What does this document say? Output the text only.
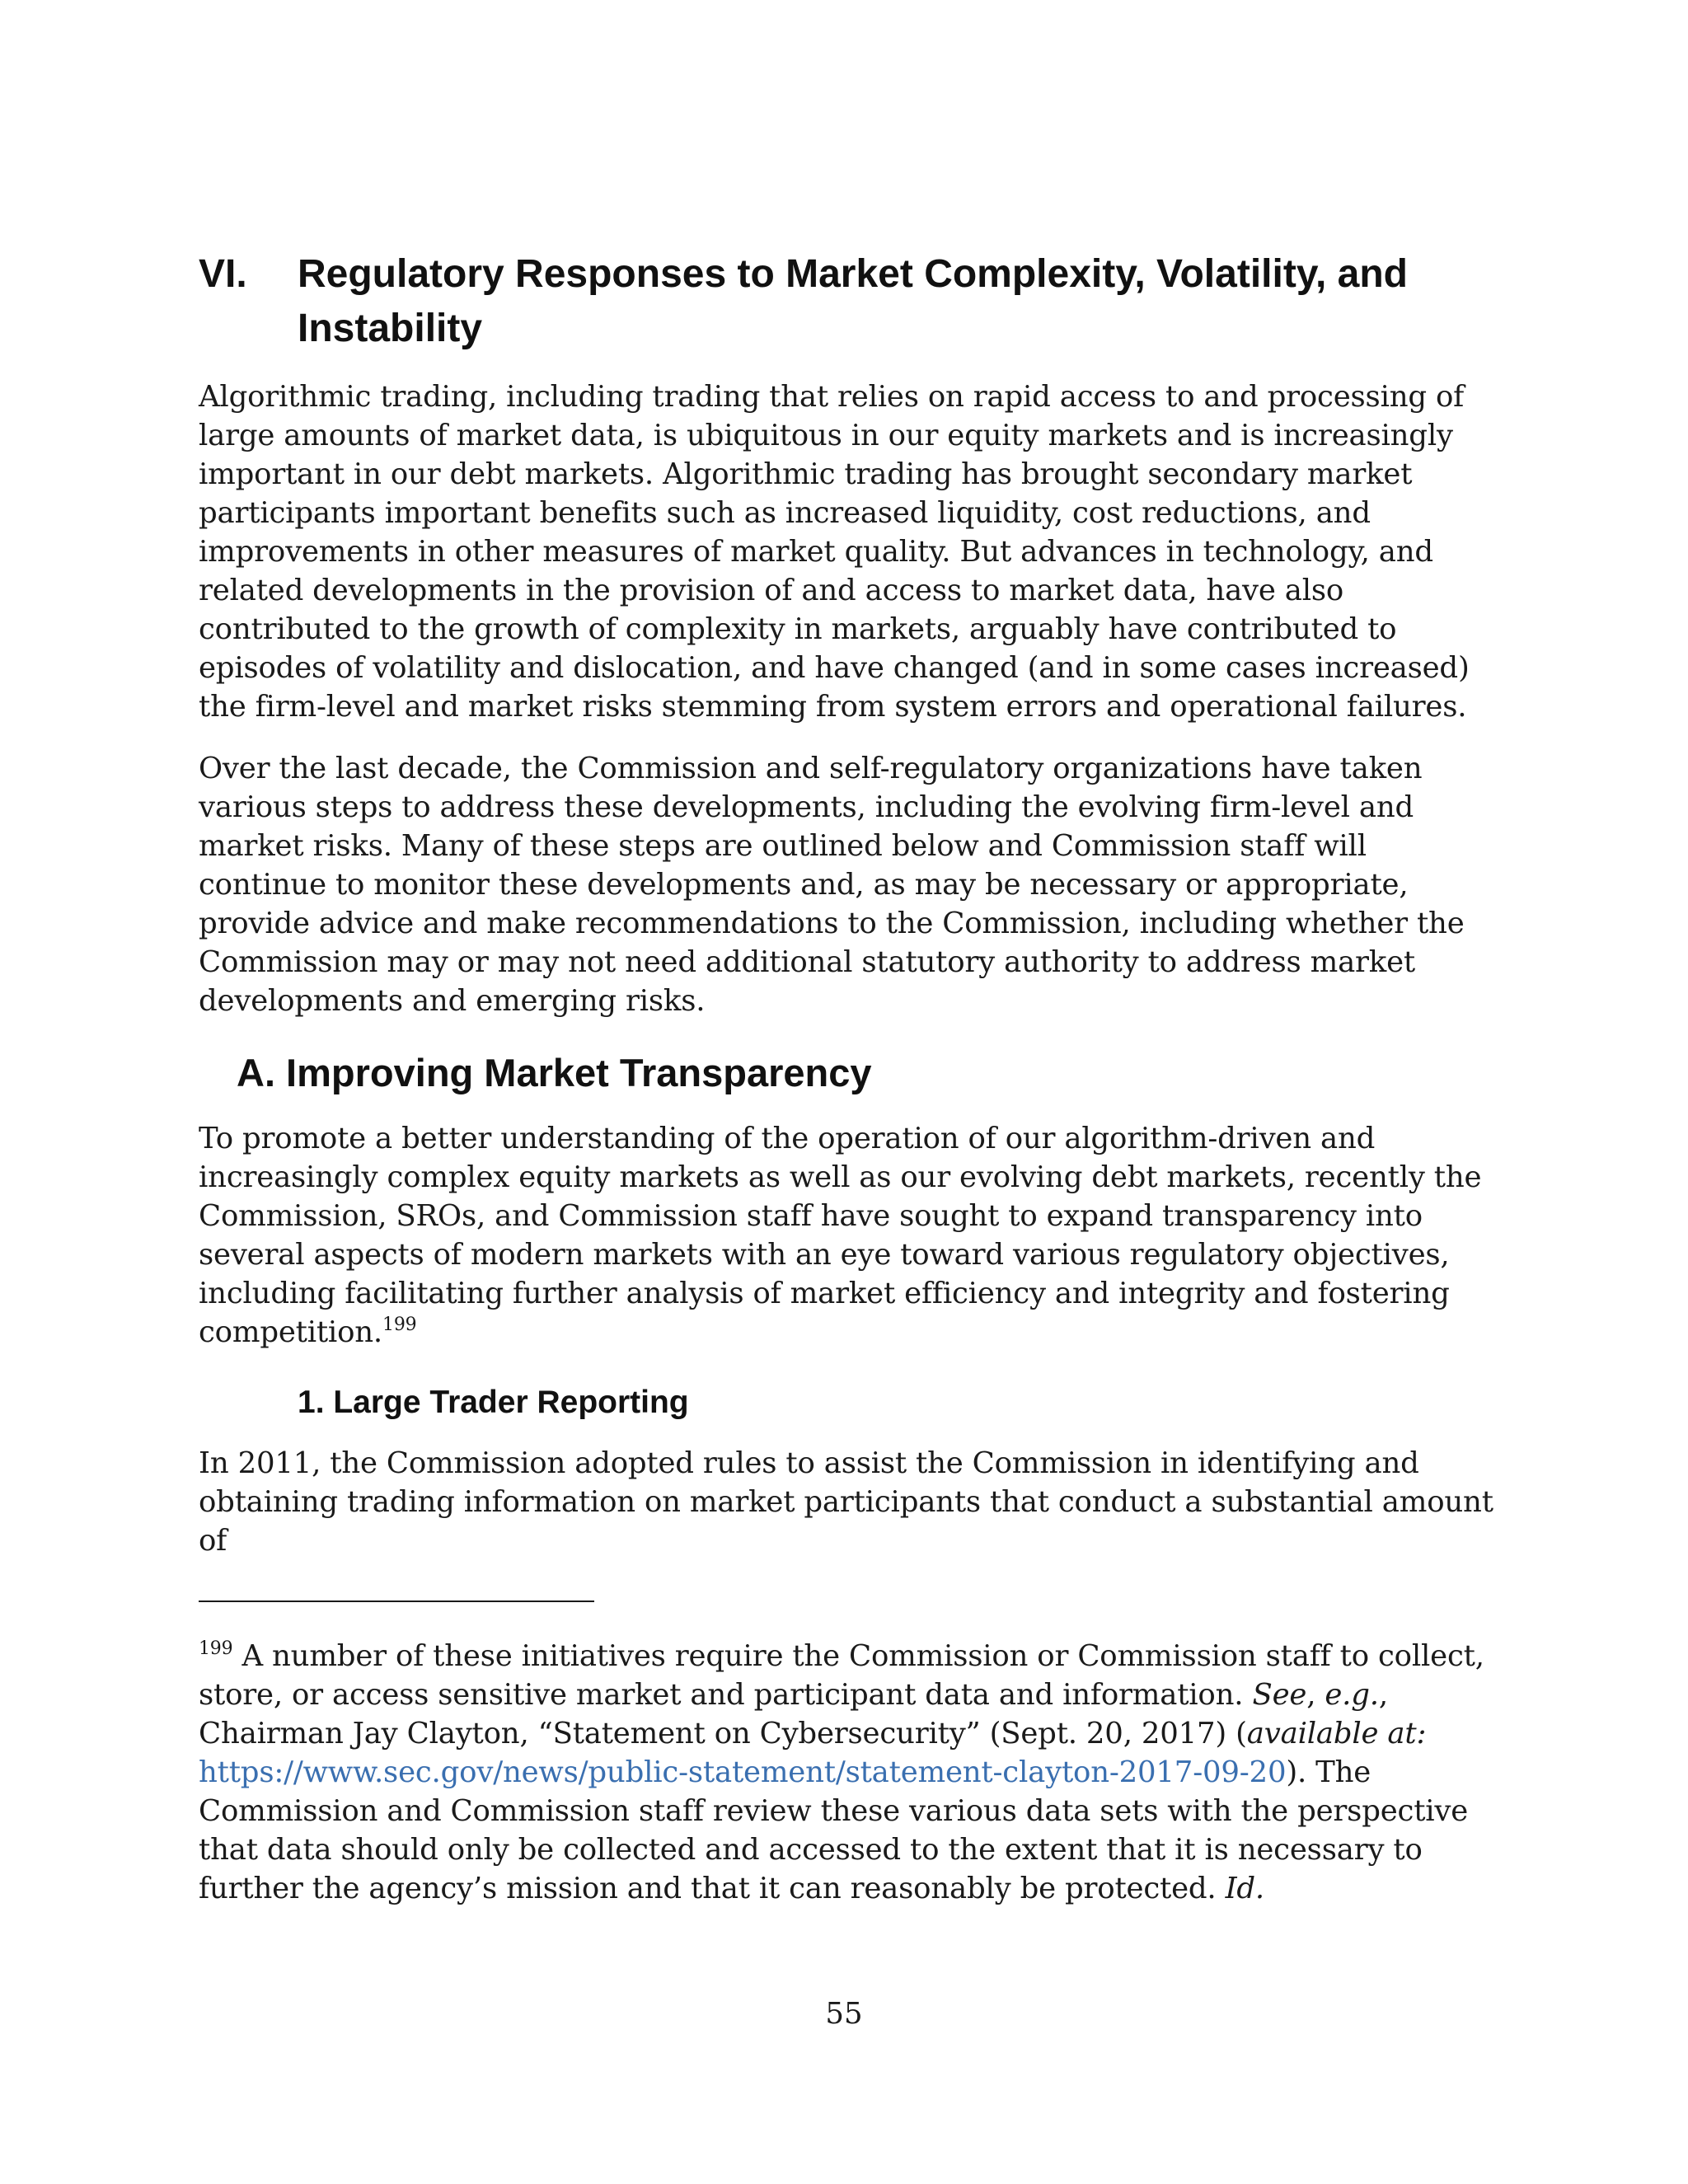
VI.	Regulatory Responses to Market Complexity, Volatility, and Instability

Algorithmic trading, including trading that relies on rapid access to and processing of large amounts of market data, is ubiquitous in our equity markets and is increasingly important in our debt markets. Algorithmic trading has brought secondary market participants important benefits such as increased liquidity, cost reductions, and improvements in other measures of market quality. But advances in technology, and related developments in the provision of and access to market data, have also contributed to the growth of complexity in markets, arguably have contributed to episodes of volatility and dislocation, and have changed (and in some cases increased) the firm-level and market risks stemming from system errors and operational failures.

Over the last decade, the Commission and self-regulatory organizations have taken various steps to address these developments, including the evolving firm-level and market risks. Many of these steps are outlined below and Commission staff will continue to monitor these developments and, as may be necessary or appropriate, provide advice and make recommendations to the Commission, including whether the Commission may or may not need additional statutory authority to address market developments and emerging risks.

A. Improving Market Transparency

To promote a better understanding of the operation of our algorithm-driven and increasingly complex equity markets as well as our evolving debt markets, recently the Commission, SROs, and Commission staff have sought to expand transparency into several aspects of modern markets with an eye toward various regulatory objectives, including facilitating further analysis of market efficiency and integrity and fostering competition.$^{199}$

1. Large Trader Reporting

In 2011, the Commission adopted rules to assist the Commission in identifying and obtaining trading information on market participants that conduct a substantial amount of

$^{199}$ A number of these initiatives require the Commission or Commission staff to collect, store, or access sensitive market and participant data and information. See, e.g., Chairman Jay Clayton, “Statement on Cybersecurity” (Sept. 20, 2017) (available at: https://www.sec.gov/news/public-statement/statement-clayton-2017-09-20). The Commission and Commission staff review these various data sets with the perspective that data should only be collected and accessed to the extent that it is necessary to further the agency’s mission and that it can reasonably be protected. Id.
55
